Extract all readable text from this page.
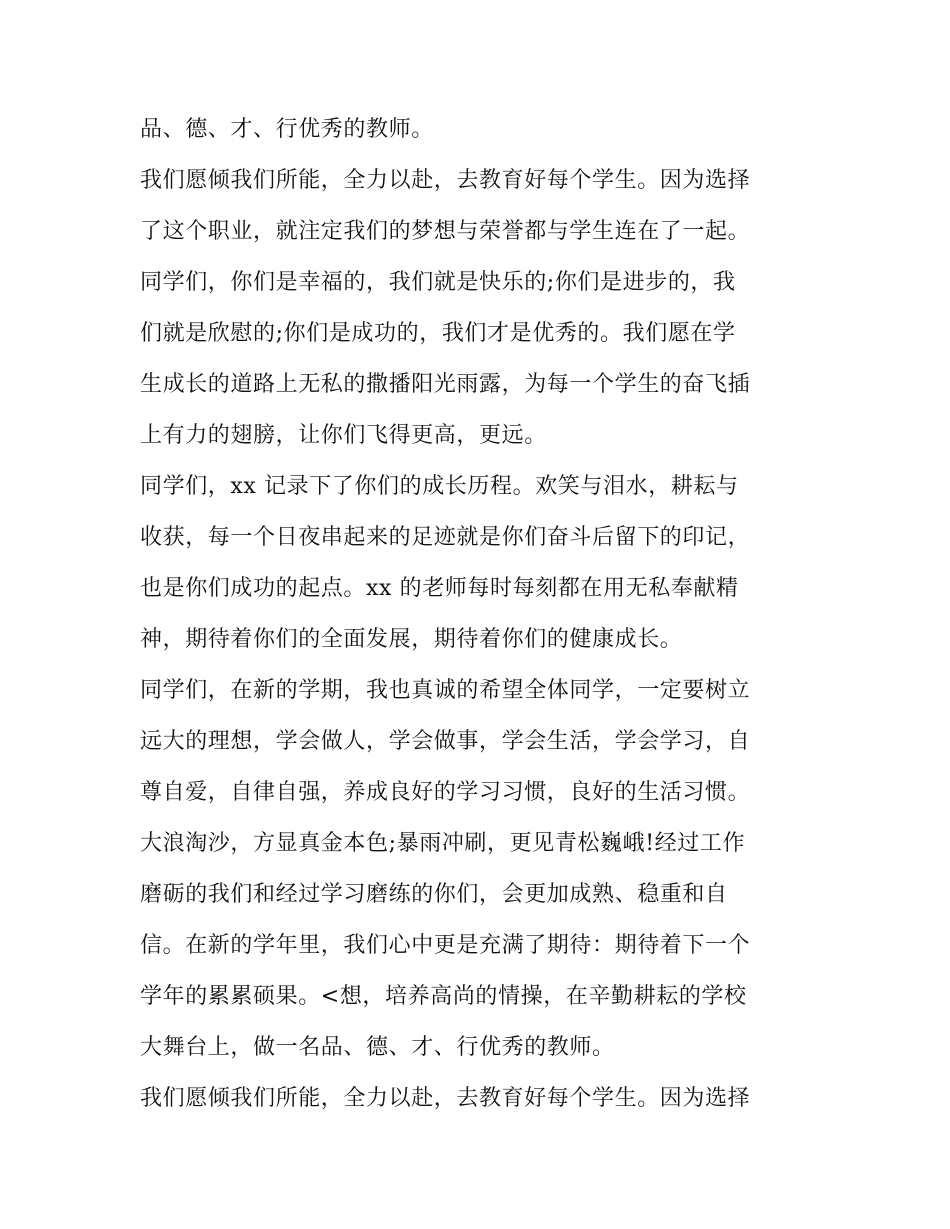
品、德、才、行优秀的教师。
我们愿倾我们所能，全力以赴，去教育好每个学生。因为选择
了这个职业，就注定我们的梦想与荣誉都与学生连在了一起。
同学们，你们是幸福的，我们就是快乐的;你们是进步的，我
们就是欣慰的;你们是成功的，我们才是优秀的。我们愿在学
生成长的道路上无私的撒播阳光雨露，为每一个学生的奋飞插
上有力的翅膀，让你们飞得更高，更远。
同学们，xx 记录下了你们的成长历程。欢笑与泪水，耕耘与
收获，每一个日夜串起来的足迹就是你们奋斗后留下的印记，
也是你们成功的起点。xx 的老师每时每刻都在用无私奉献精
神，期待着你们的全面发展，期待着你们的健康成长。
同学们，在新的学期，我也真诚的希望全体同学，一定要树立
远大的理想，学会做人，学会做事，学会生活，学会学习，自
尊自爱，自律自强，养成良好的学习习惯，良好的生活习惯。
大浪淘沙，方显真金本色;暴雨冲刷，更见青松巍峨!经过工作
磨砺的我们和经过学习磨练的你们，会更加成熟、稳重和自
信。在新的学年里，我们心中更是充满了期待：期待着下一个
学年的累累硕果。<想，培养高尚的情操，在辛勤耕耘的学校
大舞台上，做一名品、德、才、行优秀的教师。
我们愿倾我们所能，全力以赴，去教育好每个学生。因为选择
